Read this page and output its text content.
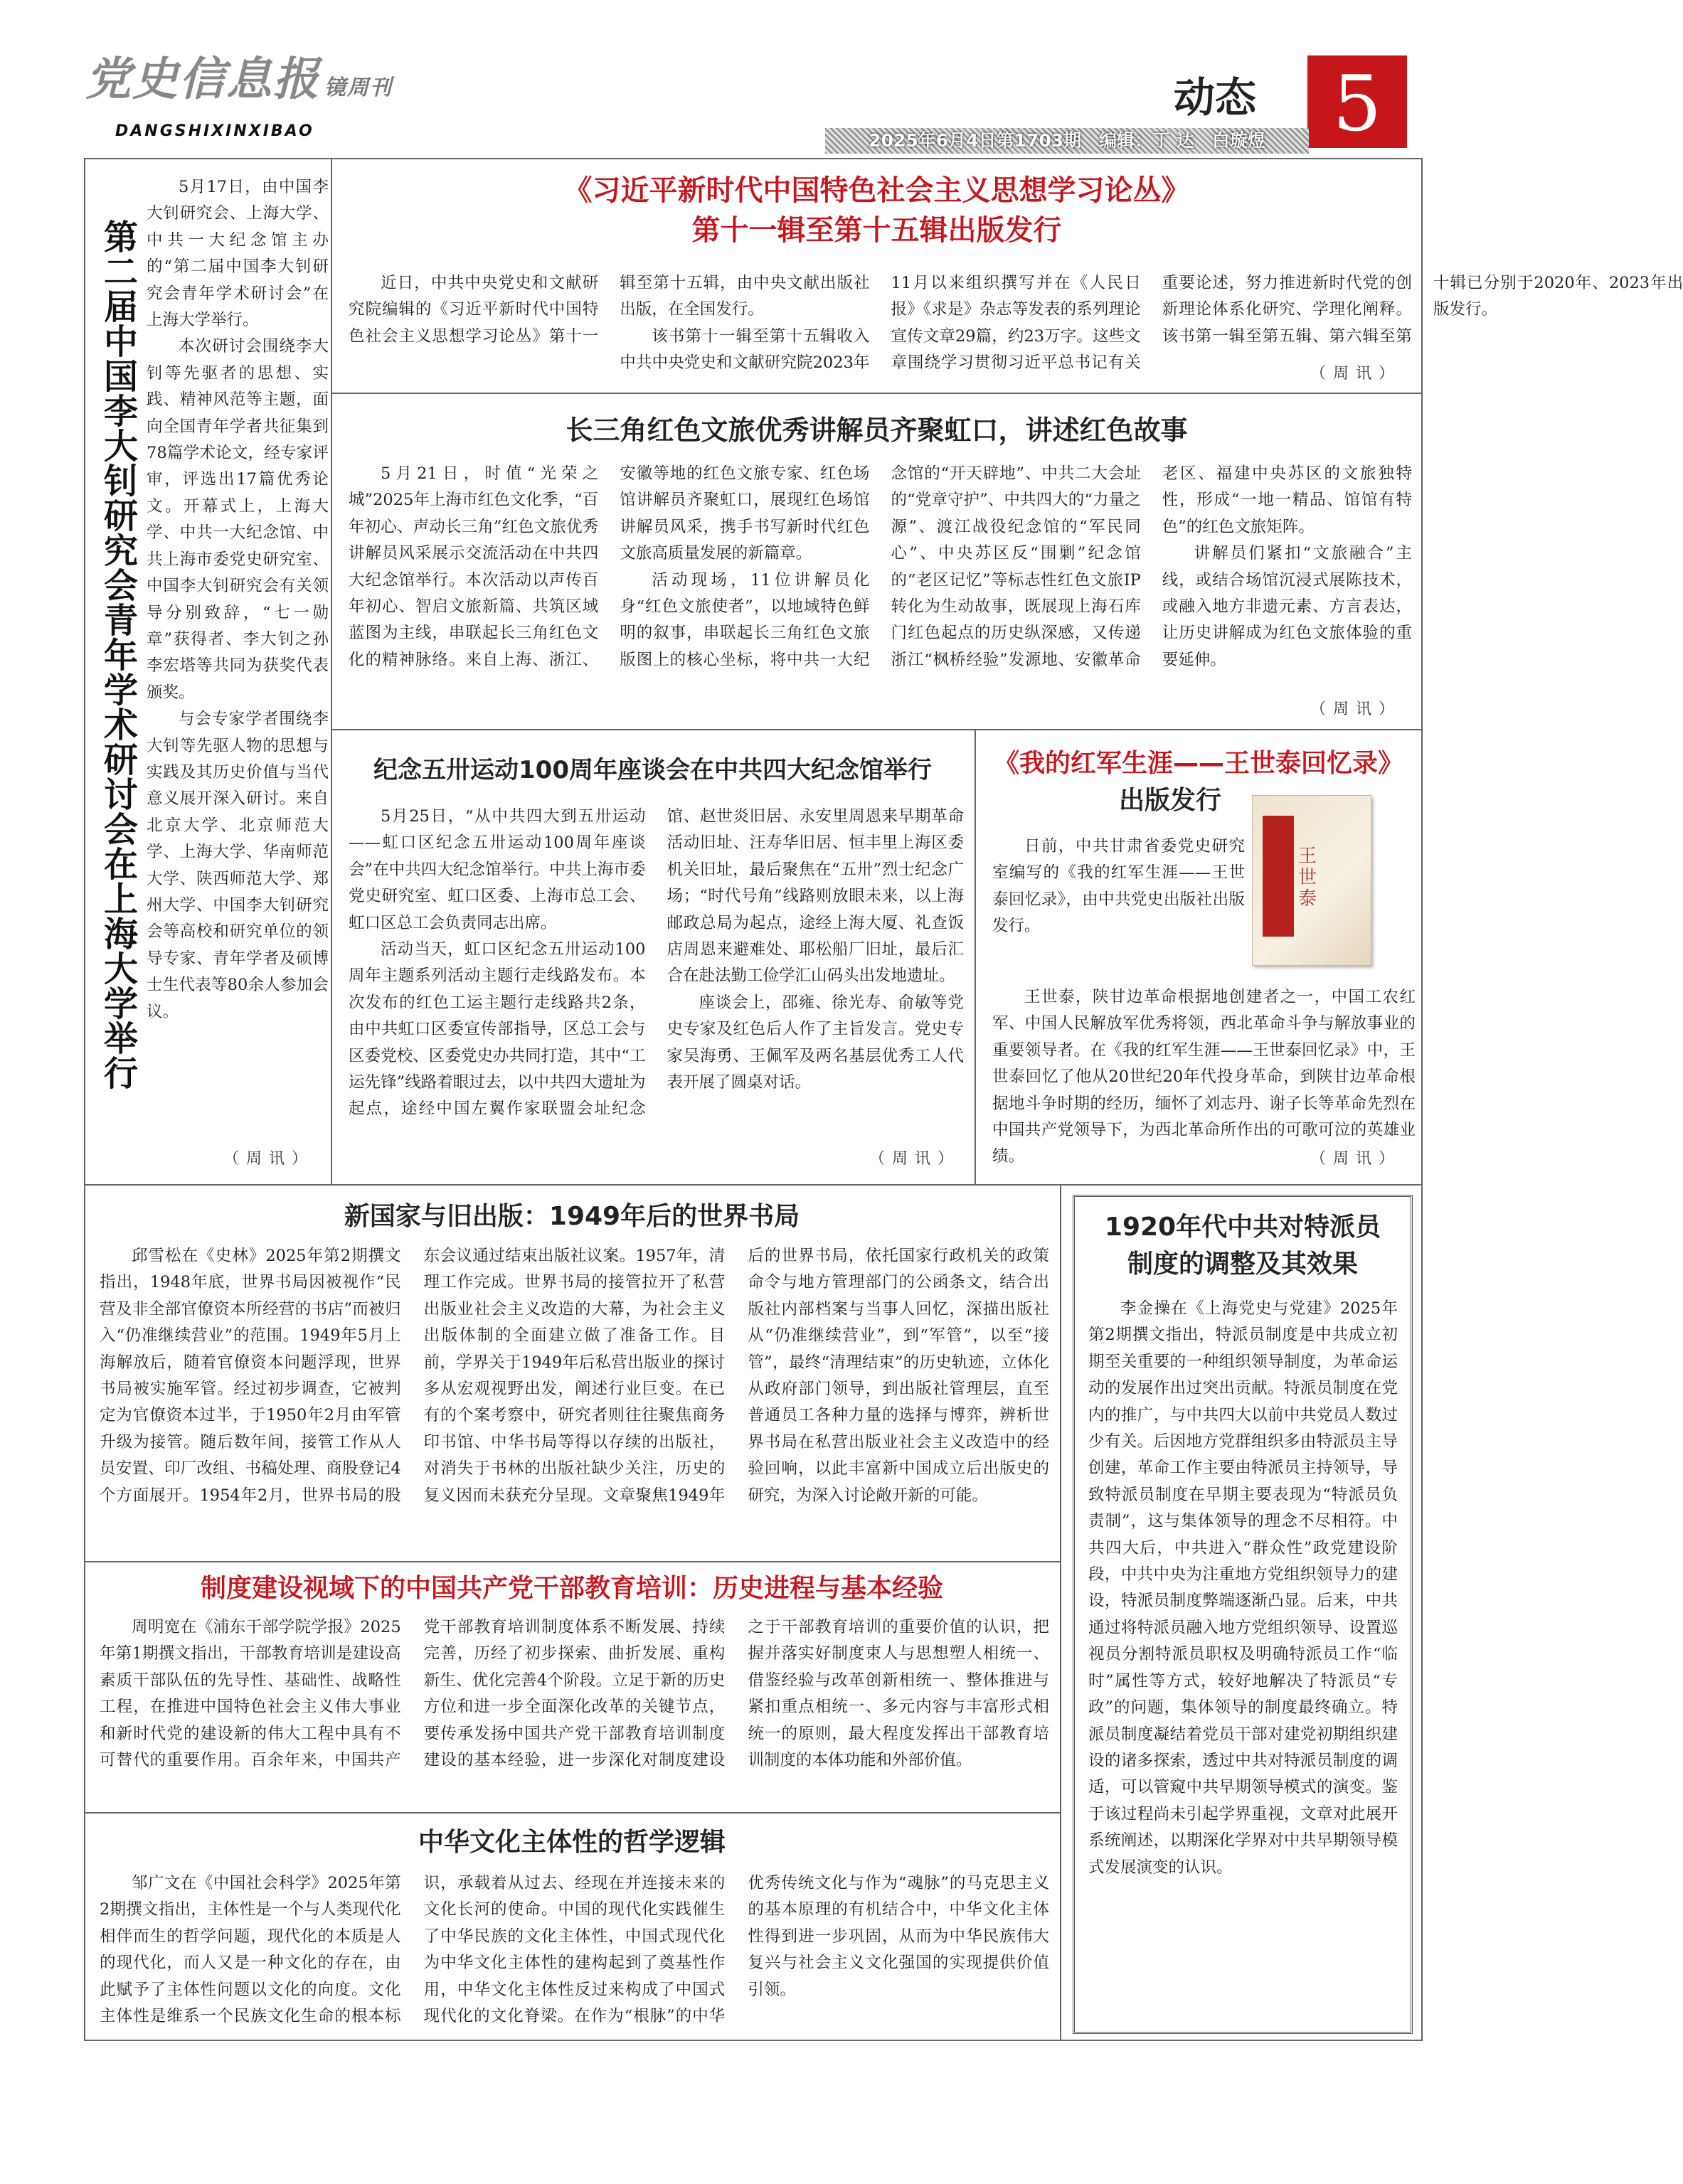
党史信息报 镜周刊
DANGSHIXINXIBAO
动态 5
2025年6月4日第1703期　编辑：丁 达　白璇煜
第二届中国李大钊研究会青年学术研讨会在上海大学举行

5月17日，由中国李大钊研究会、上海大学、中共一大纪念馆主办的“第二届中国李大钊研究会青年学术研讨会”在上海大学举行。

本次研讨会围绕李大钊等先驱者的思想、实践、精神风范等主题，面向全国青年学者共征集到78篇学术论文，经专家评审，评选出17篇优秀论文。开幕式上，上海大学、中共一大纪念馆、中共上海市委党史研究室、中国李大钊研究会有关领导分别致辞，“七一勋章”获得者、李大钊之孙李宏塔等共同为获奖代表颁奖。

与会专家学者围绕李大钊等先驱人物的思想与实践及其历史价值与当代意义展开深入研讨。来自北京大学、北京师范大学、上海大学、华南师范大学、陕西师范大学、郑州大学、中国李大钊研究会等高校和研究单位的领导专家、青年学者及硕博士生代表等80余人参加会议。

（周讯）
《习近平新时代中国特色社会主义思想学习论丛》
第十一辑至第十五辑出版发行

近日，中共中央党史和文献研究院编辑的《习近平新时代中国特色社会主义思想学习论丛》第十一辑至第十五辑，由中央文献出版社出版，在全国发行。

该书第十一辑至第十五辑收入中共中央党史和文献研究院2023年11月以来组织撰写并在《人民日报》《求是》杂志等发表的系列理论宣传文章29篇，约23万字。这些文章围绕学习贯彻习近平总书记有关重要论述，努力推进新时代党的创新理论体系化研究、学理化阐释。该书第一辑至第五辑、第六辑至第十辑已分别于2020年、2023年出版发行。

（周讯）
长三角红色文旅优秀讲解员齐聚虹口，讲述红色故事

5月21日，时值“光荣之城”2025年上海市红色文化季，“百年初心、声动长三角”红色文旅优秀讲解员风采展示交流活动在中共四大纪念馆举行。本次活动以声传百年初心、智启文旅新篇、共筑区域蓝图为主线，串联起长三角红色文化的精神脉络。来自上海、浙江、安徽等地的红色文旅专家、红色场馆讲解员齐聚虹口，展现红色场馆讲解员风采，携手书写新时代红色文旅高质量发展的新篇章。

活动现场，11位讲解员化身“红色文旅使者”，以地域特色鲜明的叙事，串联起长三角红色文旅版图上的核心坐标，将中共一大纪念馆的“开天辟地”、中共二大会址的“党章守护”、中共四大的“力量之源”、渡江战役纪念馆的“军民同心”、中央苏区反“围剿”纪念馆的“老区记忆”等标志性红色文旅IP转化为生动故事，既展现上海石库门红色起点的历史纵深感，又传递浙江“枫桥经验”发源地、安徽革命老区、福建中央苏区的文旅独特性，形成“一地一精品、馆馆有特色”的红色文旅矩阵。

讲解员们紧扣“文旅融合”主线，或结合场馆沉浸式展陈技术，或融入地方非遗元素、方言表达，让历史讲解成为红色文旅体验的重要延伸。

（周讯）
纪念五卅运动100周年座谈会在中共四大纪念馆举行

5月25日，“从中共四大到五卅运动——虹口区纪念五卅运动100周年座谈会”在中共四大纪念馆举行。中共上海市委党史研究室、虹口区委、上海市总工会、虹口区总工会负责同志出席。

活动当天，虹口区纪念五卅运动100周年主题系列活动主题行走线路发布。本次发布的红色工运主题行走线路共2条，由中共虹口区委宣传部指导，区总工会与区委党校、区委党史办共同打造，其中“工运先锋”线路着眼过去，以中共四大遗址为起点，途经中国左翼作家联盟会址纪念馆、赵世炎旧居、永安里周恩来早期革命活动旧址、汪寿华旧居、恒丰里上海区委机关旧址，最后聚焦在“五卅”烈士纪念广场；“时代号角”线路则放眼未来，以上海邮政总局为起点，途经上海大厦、礼查饭店周恩来避难处、耶松船厂旧址，最后汇合在赴法勤工俭学汇山码头出发地遗址。

座谈会上，邵雍、徐光寿、俞敏等党史专家及红色后人作了主旨发言。党史专家吴海勇、王佩军及两名基层优秀工人代表开展了圆桌对话。

（周讯）
《我的红军生涯——王世泰回忆录》
出版发行
王世泰

日前，中共甘肃省委党史研究室编写的《我的红军生涯——王世泰回忆录》，由中共党史出版社出版发行。

王世泰，陕甘边革命根据地创建者之一，中国工农红军、中国人民解放军优秀将领，西北革命斗争与解放事业的重要领导者。在《我的红军生涯——王世泰回忆录》中，王世泰回忆了他从20世纪20年代投身革命，到陕甘边革命根据地斗争时期的经历，缅怀了刘志丹、谢子长等革命先烈在中国共产党领导下，为西北革命所作出的可歌可泣的英雄业绩。	（周讯）
新国家与旧出版：1949年后的世界书局

邱雪松在《史林》2025年第2期撰文指出，1948年底，世界书局因被视作“民营及非全部官僚资本所经营的书店”而被归入“仍准继续营业”的范围。1949年5月上海解放后，随着官僚资本问题浮现，世界书局被实施军管。经过初步调查，它被判定为官僚资本过半，于1950年2月由军管升级为接管。随后数年间，接管工作从人员安置、印厂改组、书稿处理、商股登记4个方面展开。1954年2月，世界书局的股东会议通过结束出版社议案。1957年，清理工作完成。世界书局的接管拉开了私营出版业社会主义改造的大幕，为社会主义出版体制的全面建立做了准备工作。目前，学界关于1949年后私营出版业的探讨多从宏观视野出发，阐述行业巨变。在已有的个案考察中，研究者则往往聚焦商务印书馆、中华书局等得以存续的出版社，对消失于书林的出版社缺少关注，历史的复义因而未获充分呈现。文章聚焦1949年后的世界书局，依托国家行政机关的政策命令与地方管理部门的公函条文，结合出版社内部档案与当事人回忆，深描出版社从“仍准继续营业”，到“军管”，以至“接管”，最终“清理结束”的历史轨迹，立体化从政府部门领导，到出版社管理层，直至普通员工各种力量的选择与博弈，辨析世界书局在私营出版业社会主义改造中的经验回响，以此丰富新中国成立后出版史的研究，为深入讨论敞开新的可能。

1920年代中共对特派员制度的调整及其效果

李金操在《上海党史与党建》2025年第2期撰文指出，特派员制度是中共成立初期至关重要的一种组织领导制度，为革命运动的发展作出过突出贡献。特派员制度在党内的推广，与中共四大以前中共党员人数过少有关。后因地方党群组织多由特派员主导创建，革命工作主要由特派员主持领导，导致特派员制度在早期主要表现为“特派员负责制”，这与集体领导的理念不尽相符。中共四大后，中共进入“群众性”政党建设阶段，中共中央为注重地方党组织领导力的建设，特派员制度弊端逐渐凸显。后来，中共通过将特派员融入地方党组织领导、设置巡视员分割特派员职权及明确特派员工作“临时”属性等方式，较好地解决了特派员“专政”的问题，集体领导的制度最终确立。特派员制度凝结着党员干部对建党初期组织建设的诸多探索，透过中共对特派员制度的调适，可以管窥中共早期领导模式的演变。鉴于该过程尚未引起学界重视，文章对此展开系统阐述，以期深化学界对中共早期领导模式发展演变的认识。

制度建设视域下的中国共产党干部教育培训：历史进程与基本经验

周明宽在《浦东干部学院学报》2025年第1期撰文指出，干部教育培训是建设高素质干部队伍的先导性、基础性、战略性工程，在推进中国特色社会主义伟大事业和新时代党的建设新的伟大工程中具有不可替代的重要作用。百余年来，中国共产党干部教育培训制度体系不断发展、持续完善，历经了初步探索、曲折发展、重构新生、优化完善4个阶段。立足于新的历史方位和进一步全面深化改革的关键节点，要传承发扬中国共产党干部教育培训制度建设的基本经验，进一步深化对制度建设之于干部教育培训的重要价值的认识，把握并落实好制度束人与思想塑人相统一、借鉴经验与改革创新相统一、整体推进与紧扣重点相统一、多元内容与丰富形式相统一的原则，最大程度发挥出干部教育培训制度的本体功能和外部价值。

中华文化主体性的哲学逻辑

邹广文在《中国社会科学》2025年第2期撰文指出，主体性是一个与人类现代化相伴而生的哲学问题，现代化的本质是人的现代化，而人又是一种文化的存在，由此赋予了主体性问题以文化的向度。文化主体性是维系一个民族文化生命的根本标识，承载着从过去、经现在并连接未来的文化长河的使命。中国的现代化实践催生了中华民族的文化主体性，中国式现代化为中华文化主体性的建构起到了奠基性作用，中华文化主体性反过来构成了中国式现代化的文化脊梁。在作为“根脉”的中华优秀传统文化与作为“魂脉”的马克思主义的基本原理的有机结合中，中华文化主体性得到进一步巩固，从而为中华民族伟大复兴与社会主义文化强国的实现提供价值引领。
